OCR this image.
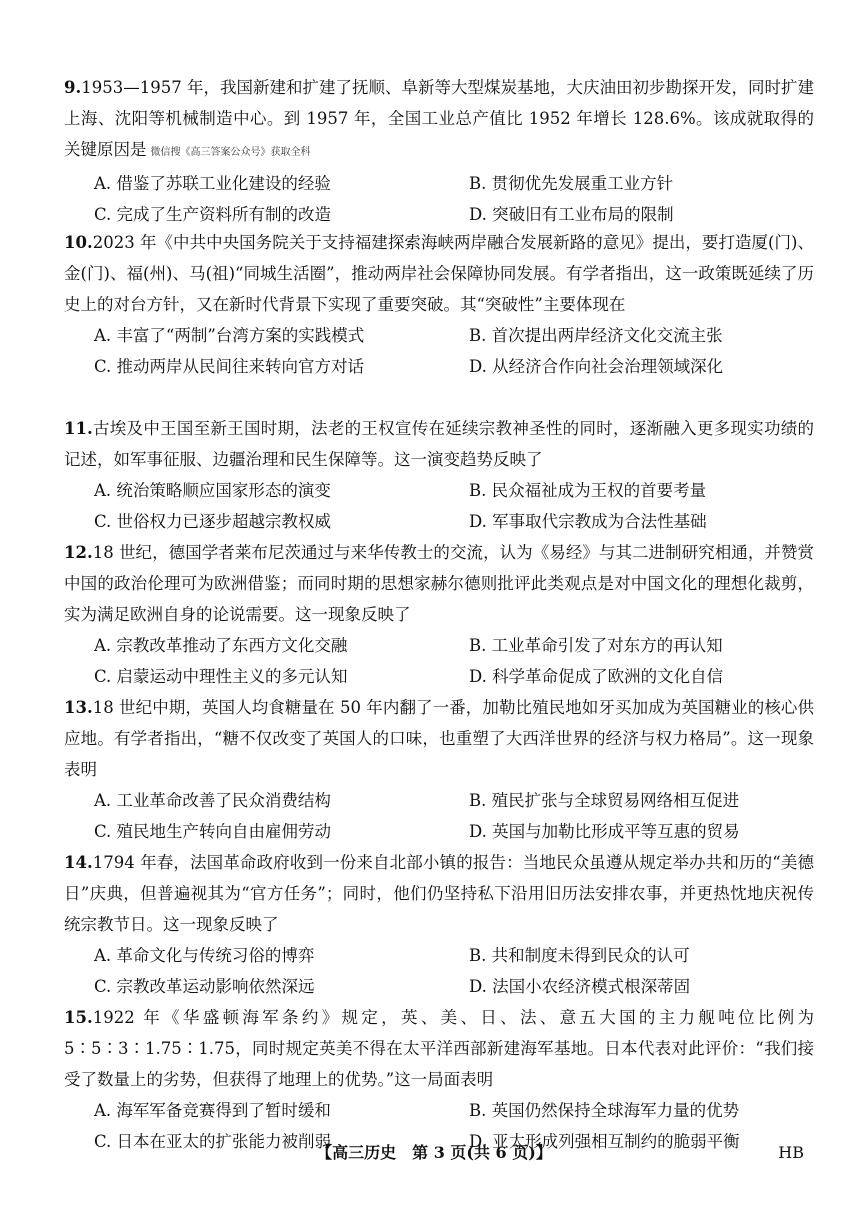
9.1953—1957 年，我国新建和扩建了抚顺、阜新等大型煤炭基地，大庆油田初步勘探开发，同时扩建上海、沈阳等机械制造中心。到 1957 年，全国工业总产值比 1952 年增长 128.6%。该成就取得的关键原因是 微信搜《高三答案公众号》获取全科

A. 借鉴了苏联工业化建设的经验	B. 贯彻优先发展重工业方针
C. 完成了生产资料所有制的改造	D. 突破旧有工业布局的限制

10.2023 年《中共中央国务院关于支持福建探索海峡两岸融合发展新路的意见》提出，要打造厦(门)、金(门)、福(州)、马(祖)“同城生活圈”，推动两岸社会保障协同发展。有学者指出，这一政策既延续了历史上的对台方针，又在新时代背景下实现了重要突破。其“突破性”主要体现在

A. 丰富了“两制”台湾方案的实践模式	B. 首次提出两岸经济文化交流主张
C. 推动两岸从民间往来转向官方对话	D. 从经济合作向社会治理领域深化

11.古埃及中王国至新王国时期，法老的王权宣传在延续宗教神圣性的同时，逐渐融入更多现实功绩的记述，如军事征服、边疆治理和民生保障等。这一演变趋势反映了

A. 统治策略顺应国家形态的演变	B. 民众福祉成为王权的首要考量
C. 世俗权力已逐步超越宗教权威	D. 军事取代宗教成为合法性基础

12.18 世纪，德国学者莱布尼茨通过与来华传教士的交流，认为《易经》与其二进制研究相通，并赞赏中国的政治伦理可为欧洲借鉴；而同时期的思想家赫尔德则批评此类观点是对中国文化的理想化裁剪，实为满足欧洲自身的论说需要。这一现象反映了

A. 宗教改革推动了东西方文化交融	B. 工业革命引发了对东方的再认知
C. 启蒙运动中理性主义的多元认知	D. 科学革命促成了欧洲的文化自信

13.18 世纪中期，英国人均食糖量在 50 年内翻了一番，加勒比殖民地如牙买加成为英国糖业的核心供应地。有学者指出，“糖不仅改变了英国人的口味，也重塑了大西洋世界的经济与权力格局”。这一现象表明

A. 工业革命改善了民众消费结构	B. 殖民扩张与全球贸易网络相互促进
C. 殖民地生产转向自由雇佣劳动	D. 英国与加勒比形成平等互惠的贸易

14.1794 年春，法国革命政府收到一份来自北部小镇的报告：当地民众虽遵从规定举办共和历的“美德日”庆典，但普遍视其为“官方任务”；同时，他们仍坚持私下沿用旧历法安排农事，并更热忱地庆祝传统宗教节日。这一现象反映了

A. 革命文化与传统习俗的博弈	B. 共和制度未得到民众的认可
C. 宗教改革运动影响依然深远	D. 法国小农经济模式根深蒂固

15.1922 年《华盛顿海军条约》规定，英、美、日、法、意五大国的主力舰吨位比例为 5∶5∶3∶1.75∶1.75，同时规定英美不得在太平洋西部新建海军基地。日本代表对此评价：“我们接受了数量上的劣势，但获得了地理上的优势。”这一局面表明

A. 海军军备竞赛得到了暂时缓和	B. 英国仍然保持全球海军力量的优势
C. 日本在亚太的扩张能力被削弱	D. 亚太形成列强相互制约的脆弱平衡
【高三历史　第 3 页(共 6 页)】	HB
